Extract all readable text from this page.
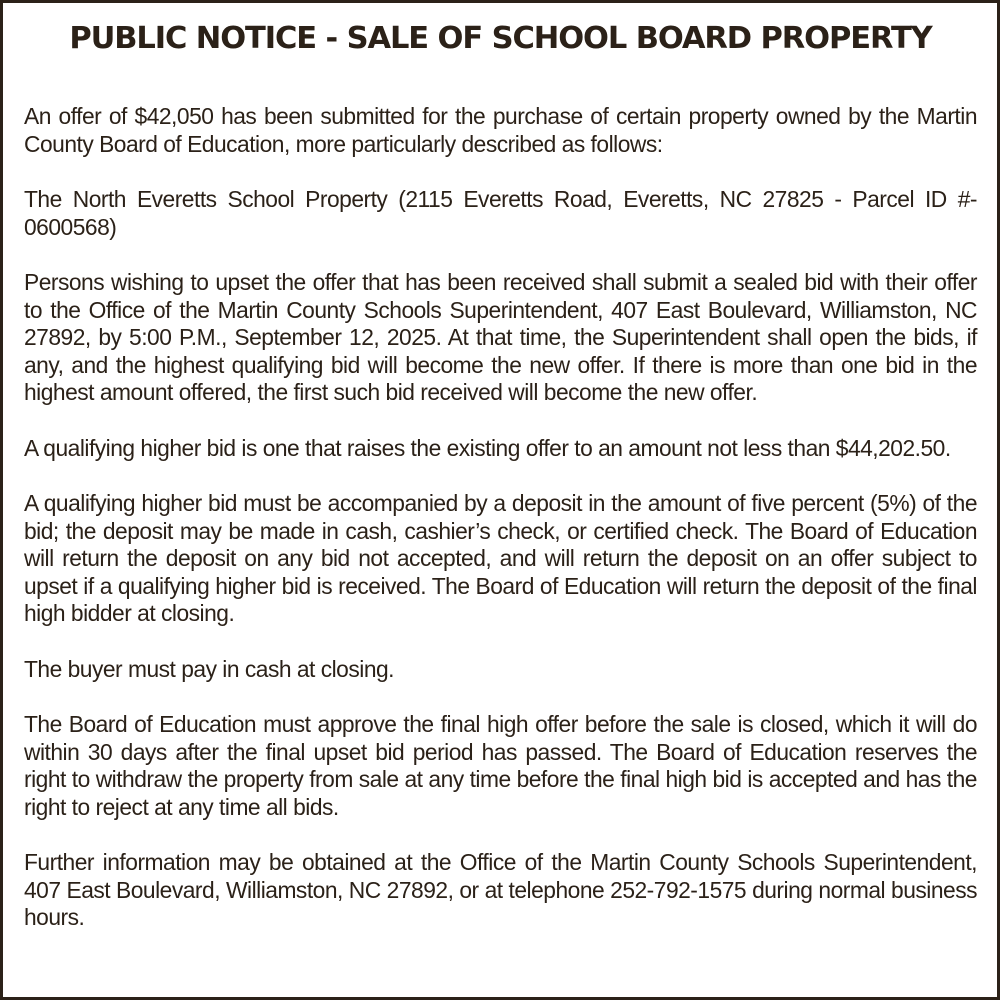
PUBLIC NOTICE - SALE OF SCHOOL BOARD PROPERTY

An offer of $42,050 has been submitted for the purchase of certain property owned by the Martin County Board of Education, more particularly described as follows:

The North Everetts School Property (2115 Everetts Road, Everetts, NC 27825 - Parcel ID #- 0600568)

Persons wishing to upset the offer that has been received shall submit a sealed bid with their offer to the Office of the Martin County Schools Superintendent, 407 East Boulevard, Williamston, NC 27892, by 5:00 P.M., September 12, 2025. At that time, the Superintendent shall open the bids, if any, and the highest qualifying bid will become the new offer. If there is more than one bid in the highest amount offered, the first such bid received will become the new offer.

A qualifying higher bid is one that raises the existing offer to an amount not less than $44,202.50.

A qualifying higher bid must be accompanied by a deposit in the amount of five percent (5%) of the bid; the deposit may be made in cash, cashier’s check, or certified check. The Board of Education will return the deposit on any bid not accepted, and will return the deposit on an offer subject to upset if a qualifying higher bid is received. The Board of Education will return the deposit of the final high bidder at closing.

The buyer must pay in cash at closing.

The Board of Education must approve the final high offer before the sale is closed, which it will do within 30 days after the final upset bid period has passed. The Board of Education reserves the right to withdraw the property from sale at any time before the final high bid is accepted and has the right to reject at any time all bids.

Further information may be obtained at the Office of the Martin County Schools Superintendent, 407 East Boulevard, Williamston, NC 27892, or at telephone 252-792-1575 during normal business hours.
